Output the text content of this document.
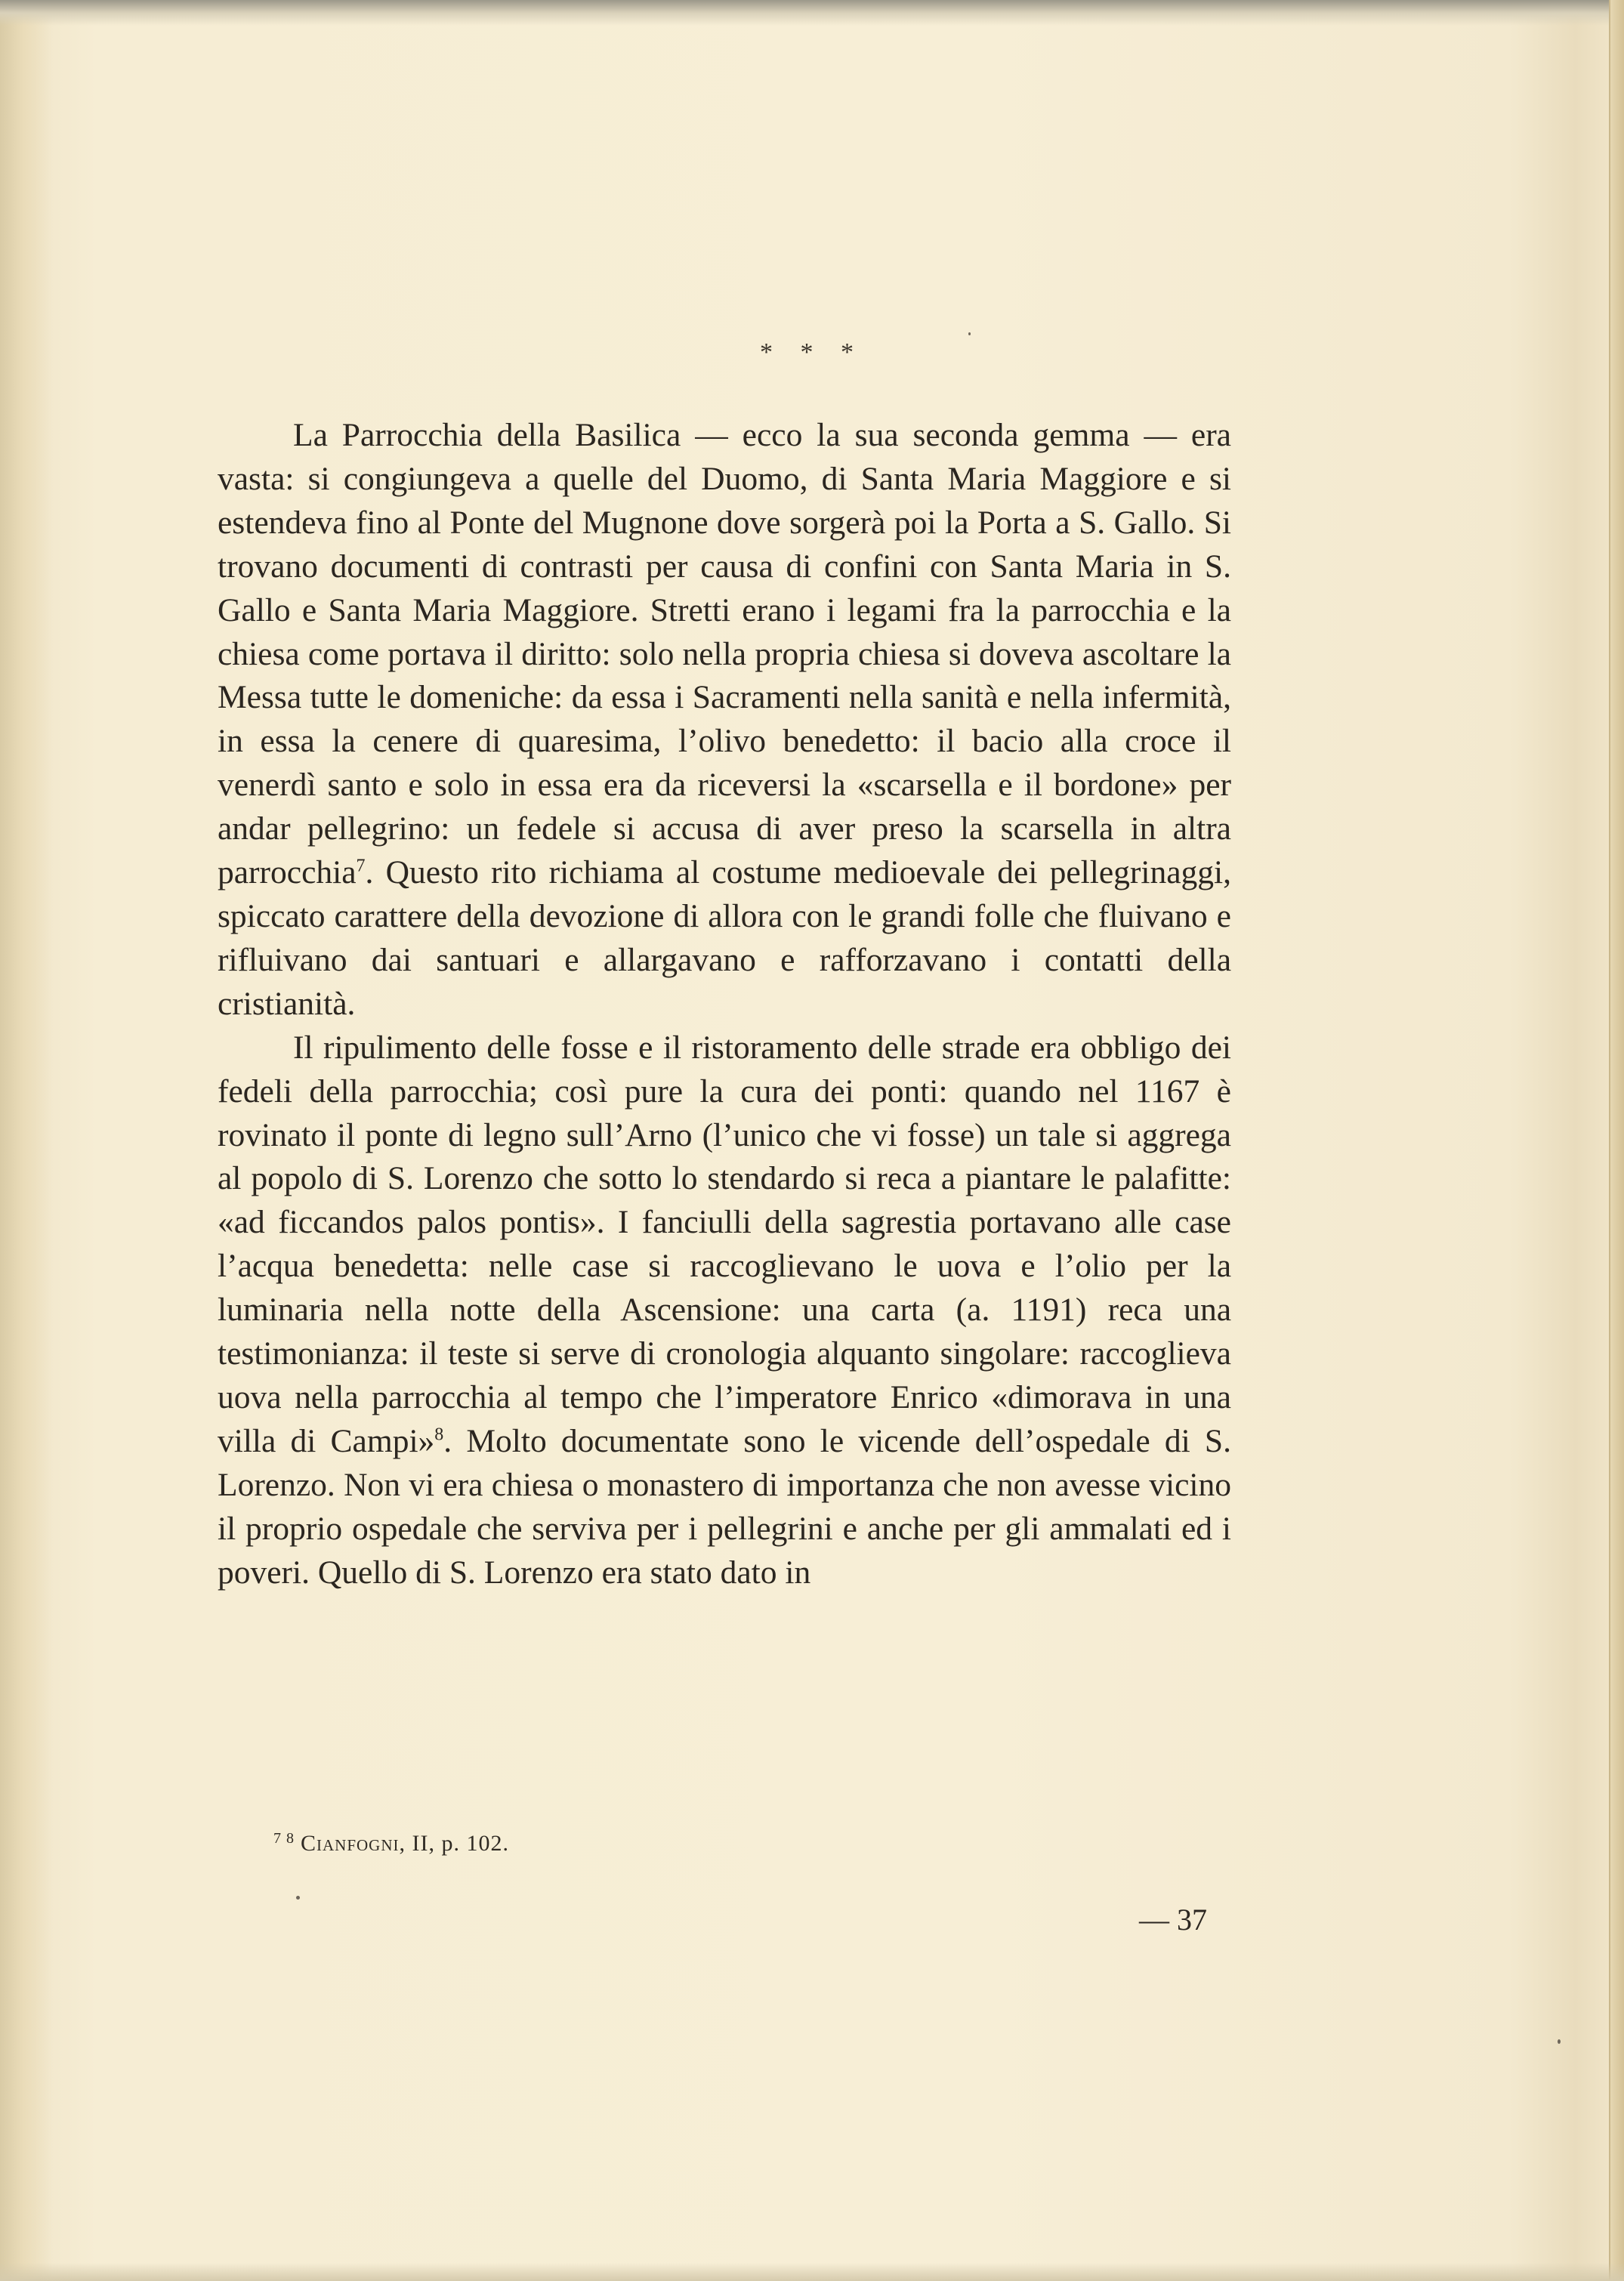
* * *

La Parrocchia della Basilica — ecco la sua seconda gemma — era vasta: si congiungeva a quelle del Duomo, di Santa Maria Maggiore e si estendeva fino al Ponte del Mugnone dove sorgerà poi la Porta a S. Gallo. Si trovano documenti di contrasti per causa di confini con Santa Maria in S. Gallo e Santa Maria Maggiore. Stretti erano i legami fra la parrocchia e la chiesa come portava il diritto: solo nella propria chiesa si doveva ascoltare la Messa tutte le domeniche: da essa i Sacramenti nella sanità e nella infermità, in essa la cenere di quaresima, l’olivo benedetto: il bacio alla croce il venerdì santo e solo in essa era da riceversi la «scarsella e il bordone» per andar pellegrino: un fedele si accusa di aver preso la scarsella in altra parrocchia$^7$. Questo rito richiama al costume medioevale dei pellegrinaggi, spiccato carattere della devozione di allora con le grandi folle che fluivano e rifluivano dai santuari e allargavano e rafforzavano i contatti della cristianità.

Il ripulimento delle fosse e il ristoramento delle strade era obbligo dei fedeli della parrocchia; così pure la cura dei ponti: quando nel 1167 è rovinato il ponte di legno sull’Arno (l’unico che vi fosse) un tale si aggrega al popolo di S. Lorenzo che sotto lo stendardo si reca a piantare le palafitte: «ad ficcandos palos pontis». I fanciulli della sagrestia portavano alle case l’acqua benedetta: nelle case si raccoglievano le uova e l’olio per la luminaria nella notte della Ascensione: una carta (a. 1191) reca una testimonianza: il teste si serve di cronologia alquanto singolare: raccoglieva uova nella parrocchia al tempo che l’imperatore Enrico «dimorava in una villa di Campi»$^8$. Molto documentate sono le vicende dell’ospedale di S. Lorenzo. Non vi era chiesa o monastero di importanza che non avesse vicino il proprio ospedale che serviva per i pellegrini e anche per gli ammalati ed i poveri. Quello di S. Lorenzo era stato dato in

$^{7 8}$ Cianfogni, II, p. 102.
— 37
